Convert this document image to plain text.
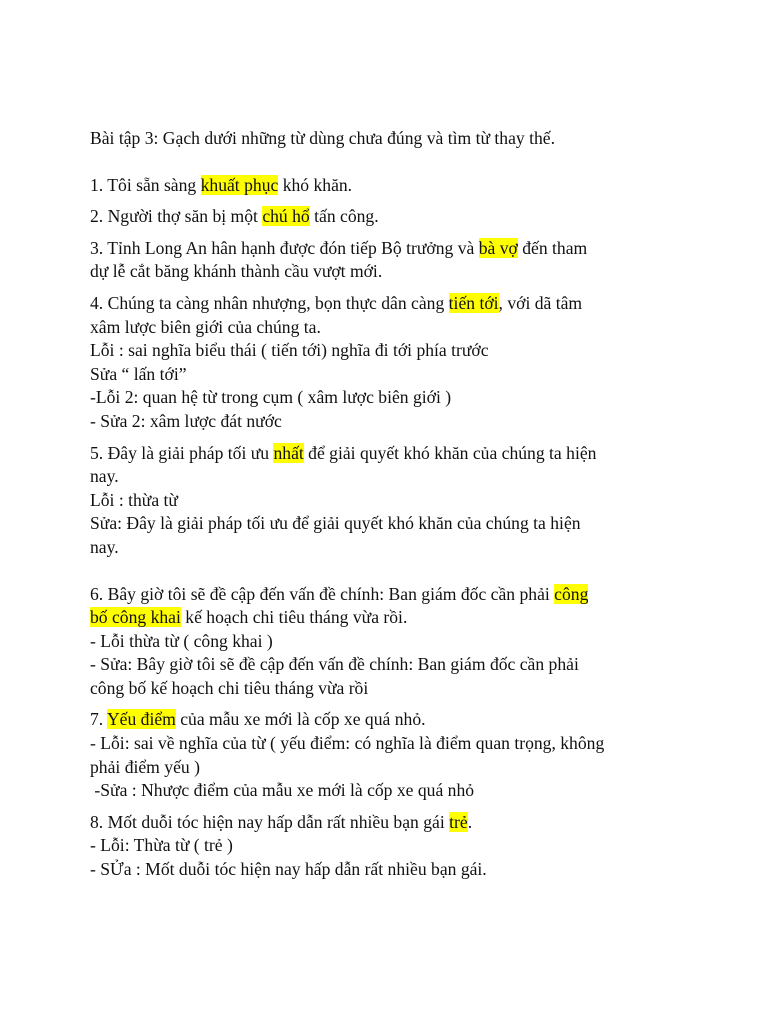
Bài tập 3: Gạch dưới những từ dùng chưa đúng và tìm từ thay thế.

1. Tôi sẵn sàng khuất phục khó khăn.

2. Người thợ săn bị một chú hổ tấn công.

3. Tỉnh Long An hân hạnh được đón tiếp Bộ trưởng và bà vợ đến tham

dự lễ cắt băng khánh thành cầu vượt mới.

4. Chúng ta càng nhân nhượng, bọn thực dân càng tiến tới, với dã tâm

xâm lược biên giới của chúng ta.

Lỗi : sai nghĩa biểu thái ( tiến tới) nghĩa đi tới phía trước

Sửa “ lấn tới”

-Lỗi 2: quan hệ từ trong cụm ( xâm lược biên giới )

- Sửa 2: xâm lược đát nước

5. Đây là giải pháp tối ưu nhất để giải quyết khó khăn của chúng ta hiện

nay.

Lỗi : thừa từ

Sửa: Đây là giải pháp tối ưu để giải quyết khó khăn của chúng ta hiện

nay.

6. Bây giờ tôi sẽ đề cập đến vấn đề chính: Ban giám đốc cần phải công

bố công khai kế hoạch chi tiêu tháng vừa rồi.

- Lỗi thừa từ ( công khai )

- Sửa: Bây giờ tôi sẽ đề cập đến vấn đề chính: Ban giám đốc cần phải

công bố kế hoạch chi tiêu tháng vừa rồi

7. Yếu điểm của mẫu xe mới là cốp xe quá nhỏ.

- Lỗi: sai về nghĩa của từ ( yếu điểm: có nghĩa là điểm quan trọng, không

phải điểm yếu )

-Sửa : Nhược điểm của mẫu xe mới là cốp xe quá nhỏ

8. Mốt duỗi tóc hiện nay hấp dẫn rất nhiều bạn gái trẻ.

- Lỗi: Thừa từ ( trẻ )

- SỬa : Mốt duỗi tóc hiện nay hấp dẫn rất nhiều bạn gái.
